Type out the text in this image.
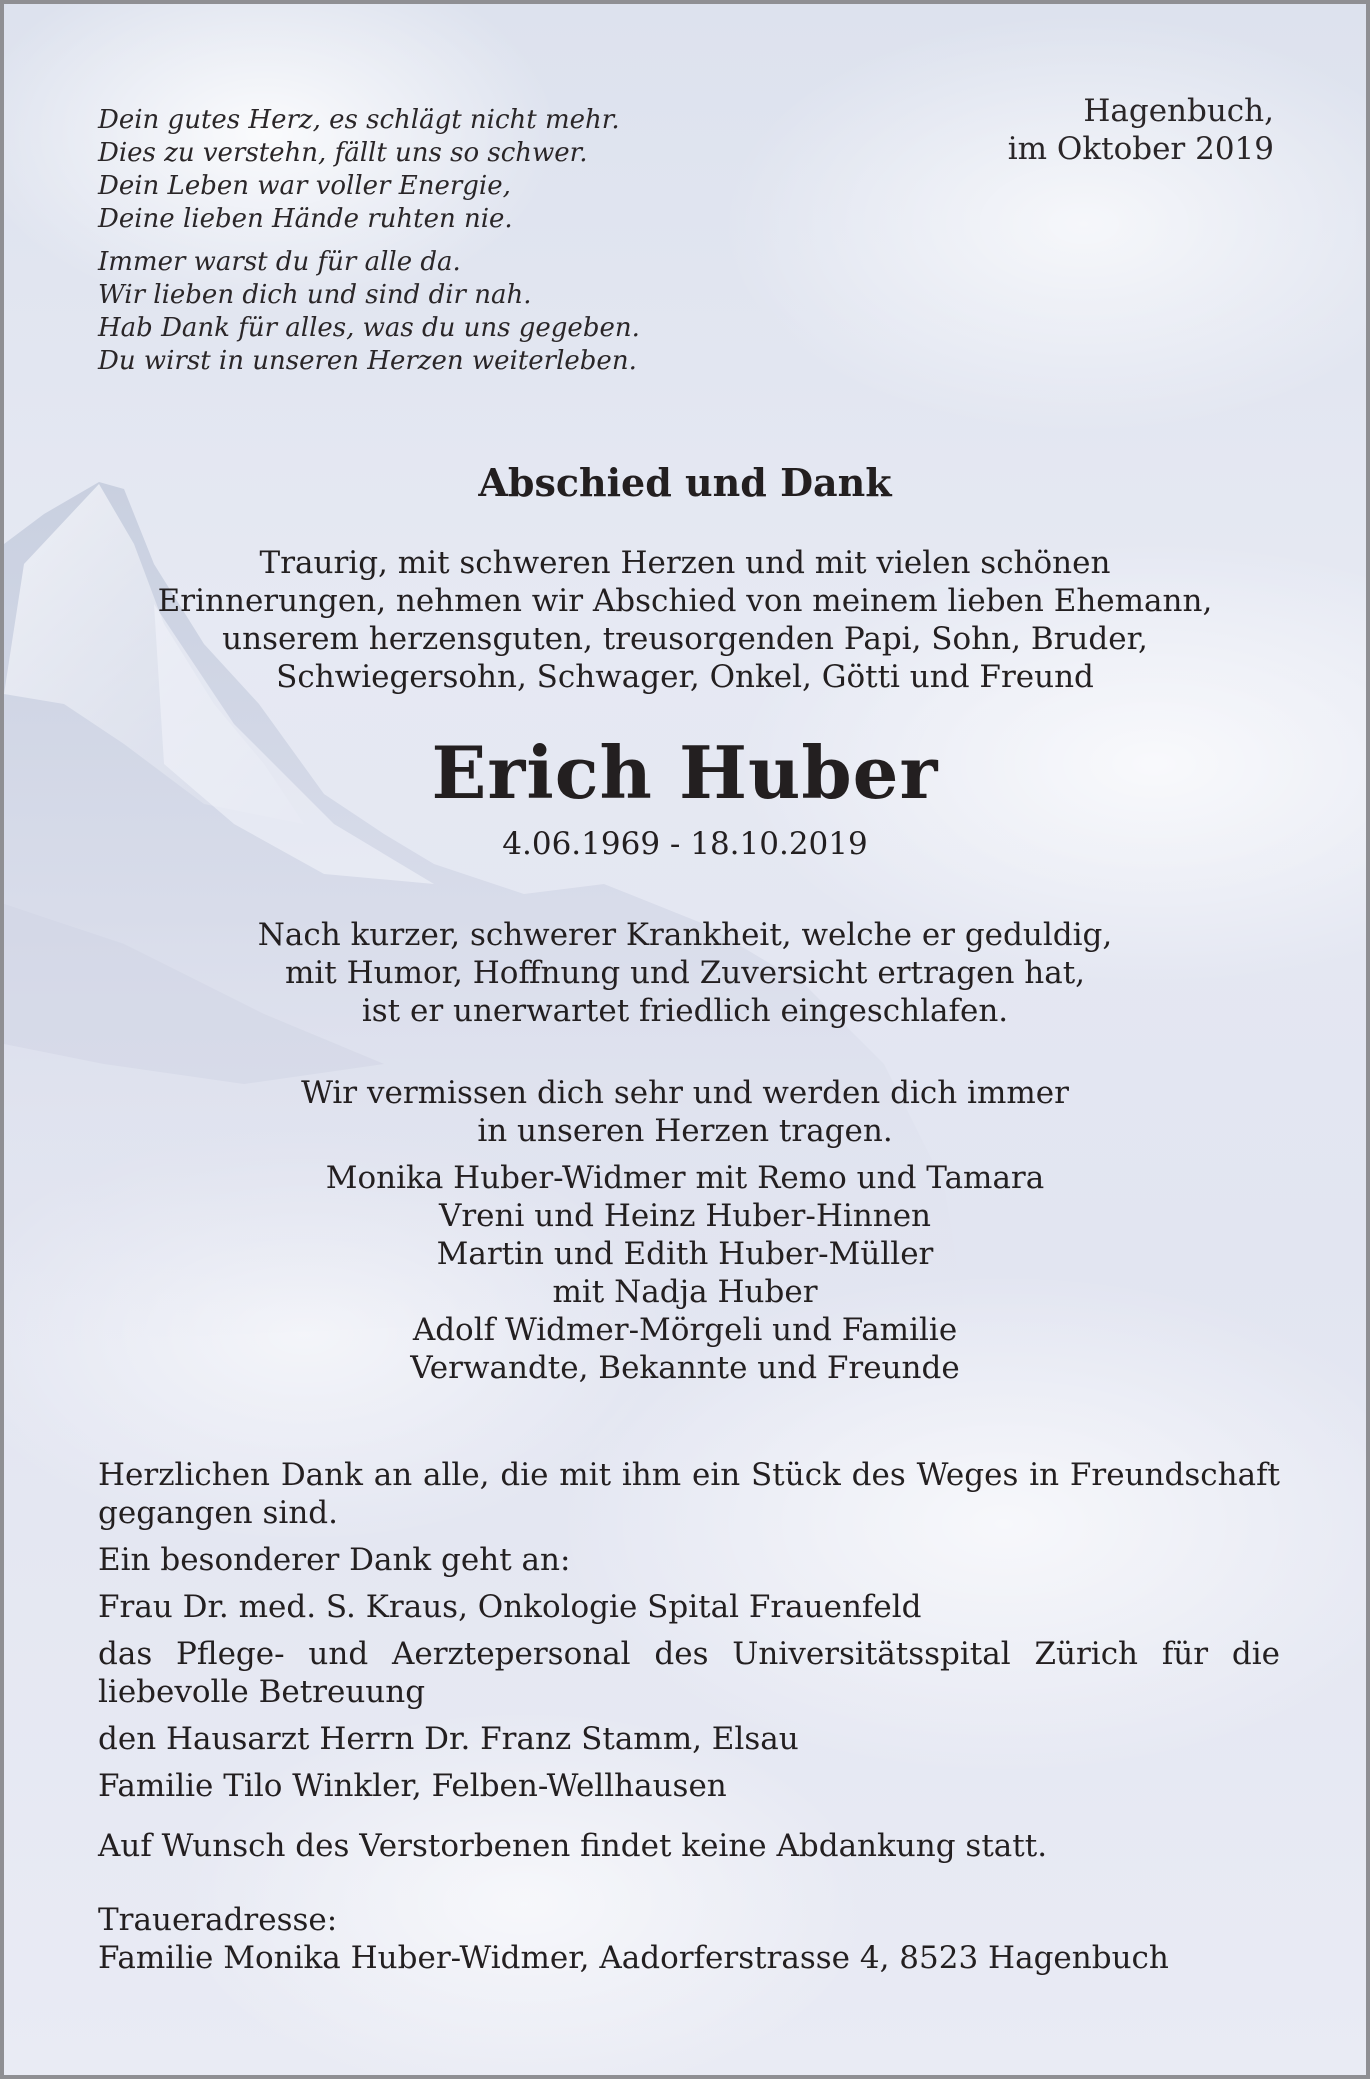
Dein gutes Herz, es schlägt nicht mehr.
Dies zu verstehn, fällt uns so schwer.
Dein Leben war voller Energie,
Deine lieben Hände ruhten nie.

Immer warst du für alle da.
Wir lieben dich und sind dir nah.
Hab Dank für alles, was du uns gegeben.
Du wirst in unseren Herzen weiterleben.

Hagenbuch,
im Oktober 2019
Abschied und Dank
Traurig, mit schweren Herzen und mit vielen schönen
Erinnerungen, nehmen wir Abschied von meinem lieben Ehemann,
unserem herzensguten, treusorgenden Papi, Sohn, Bruder,
Schwiegersohn, Schwager, Onkel, Götti und Freund
Erich Huber
4.06.1969 - 18.10.2019
Nach kurzer, schwerer Krankheit, welche er geduldig,
mit Humor, Hoffnung und Zuversicht ertragen hat,
ist er unerwartet friedlich eingeschlafen.
Wir vermissen dich sehr und werden dich immer
in unseren Herzen tragen.
Monika Huber-Widmer mit Remo und Tamara
Vreni und Heinz Huber-Hinnen
Martin und Edith Huber-Müller
mit Nadja Huber
Adolf Widmer-Mörgeli und Familie
Verwandte, Bekannte und Freunde
Herzlichen Dank an alle, die mit ihm ein Stück des Weges in Freundschaft gegangen sind.
Ein besonderer Dank geht an:
Frau Dr. med. S. Kraus, Onkologie Spital Frauenfeld
das Pflege- und Aerztepersonal des Universitätsspital Zürich für die liebevolle Betreuung
den Hausarzt Herrn Dr. Franz Stamm, Elsau
Familie Tilo Winkler, Felben-Wellhausen
Auf Wunsch des Verstorbenen findet keine Abdankung statt.
Traueradresse:
Familie Monika Huber-Widmer, Aadorferstrasse 4, 8523 Hagenbuch
